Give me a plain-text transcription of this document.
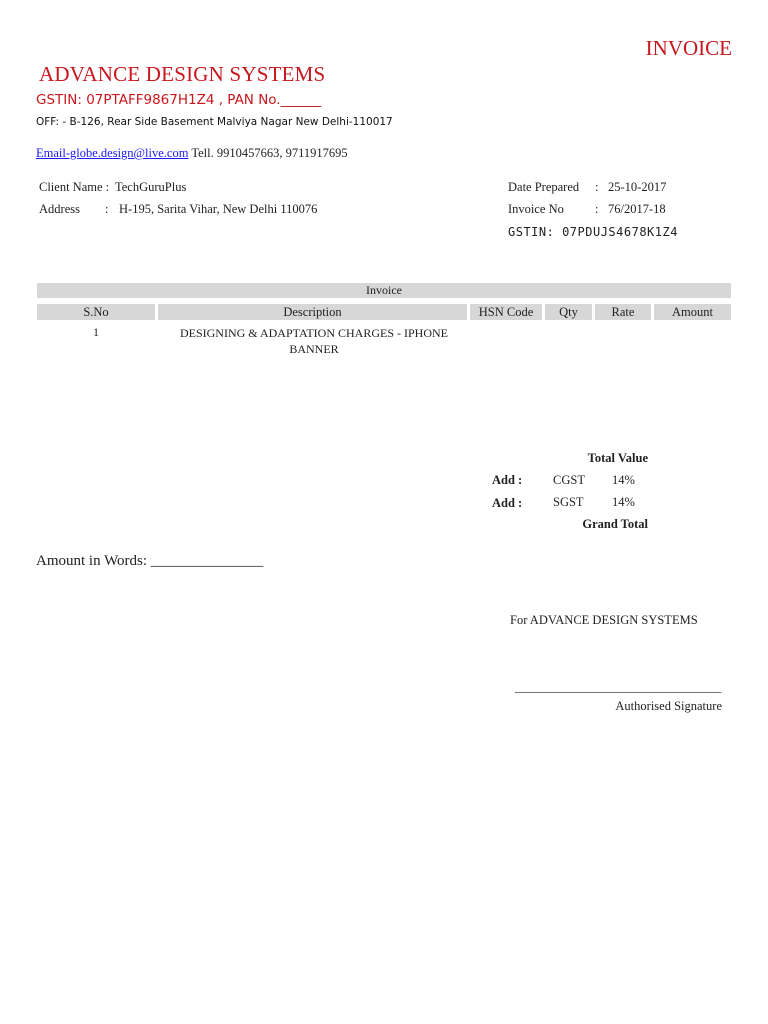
INVOICE
ADVANCE DESIGN SYSTEMS
GSTIN: 07PTAFF9867H1Z4 , PAN No.______
OFF: - B-126, Rear Side Basement Malviya Nagar New Delhi-110017
Email-globe.design@live.com Tell. 9910457663, 9711917695
Client Name : TechGuruPlus
Address : H-195, Sarita Vihar, New Delhi 110076
Date Prepared : 25-10-2017
Invoice No : 76/2017-18
GSTIN: 07PDUJS4678K1Z4
Invoice
S.No	Description	HSN Code	Qty	Rate	Amount
1	DESIGNING & ADAPTATION CHARGES - IPHONE BANNER
Total Value
Add : CGST 14%
Add : SGST 14%
Grand Total
Amount in Words: _______________
For ADVANCE DESIGN SYSTEMS
_________________________________
Authorised Signature
